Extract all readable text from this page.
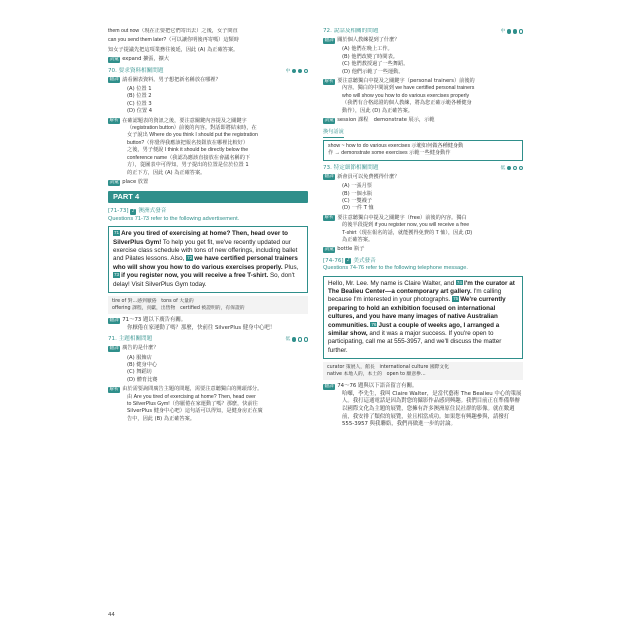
them out now（現在正要把它們寄出去）之後，女子問直
can you send them later?（可以讓你明後再寄嗎）這類時
知女子提議先把這項業務往後延，因此 (A) 為正確答案。
詞彙 expand 擴張，擴大
70. 要求資料相關問題	中
翻譯 請看圖表資料。男子想把新名稱放在哪裡？
(A) 位置 1
(B) 位置 2
(C) 位置 3
(D) 位置 4
解析 在確認題表的資訊之後，要注意關鍵內容提及之關鍵字
（registration button）前後的內容。對話即將結束時，在
女子說出 Where do you think I should put the registration
button?（你覺得我應該把報名按鈕放在哪裡比較好）
之後，男子便說 I think it should be directly below the
conference name（我認為應該直接放在會議名稱的下
方），從圖表中可得知，男子提出的位置是位於位置 1
的正下方，因此 (A) 為正確答案。
詞彙 place 放置
PART 4
[71-73] ♪ 澳洲式發音
Questions 71-73 refer to the following advertisement.
71 Are you tired of exercising at home? Then, head over to SilverPlus Gym! To help you get fit, we've recently updated our exercise class schedule with tons of new offerings, including ballet and Pilates lessons. Also, 72 we have certified personal trainers who will show you how to do various exercises properly. Plus, 73 if you register now, you will receive a free T-shirt. So, don't delay! Visit SilverPlus Gym today.
tire of 對…感到厭倦　tons of 大量的
offering 課程，貢獻，出售物　certified 被證明的，有保證的
翻譯 71～73 題以下廣告有關。
你厭倦在家運動了嗎？那麼，快前往 SilverPlus 健身中心吧！
71. 主題相關問題	低
翻譯 廣告的是什麼？
(A) 服飾店
(B) 健身中心
(C) 舞蹈坊
(D) 體育比賽
解析 由於需要詢問廣告主題的問題，需要注意聽獨白的開頭部分。
由 Are you tired of exercising at home? Then, head over
to SilverPlus Gym!（你厭倦在家運動了嗎？那麼，快前往
SilverPlus 健身中心吧）這句話可以得知，是健身房正在廣
告中，因此 (B) 為正確答案。
72. 說話及相關的問題	中
翻譯 關於個人教練提到了什麼？
(A) 他們在晚上工作。
(B) 他們改變了時間表。
(C) 他們教授過了一些舞蹈。
(D) 他們示範了一些運動。
解析 要注意聽獨白中提及之關鍵字（personal trainers）前後的
內容。獨白的中間說到 we have certified personal trainers
who will show you how to do various exercises properly
（我們有合格認證的個人教練，將為您正確示範各種健身
動作），因此 (D) 為正確答案。
詞彙 session 課程　demonstrate 展示，示範
換句話說
show ~ how to do various exercises 示範如何做各種健身動
作 → demonstrate some exercises 示範一些健身動作
73. 特定細節相關問題	低
翻譯 新會員可以免費獲得什麼？
(A) 一張月票
(B) 一個水瓶
(C) 一雙襪子
(D) 一件 T 恤
解析 要注意聽獨白中提及之關鍵字（free）前後的內容。獨白
的後半段提到 if you register now, you will receive a free
T-shirt（現在報名的話，就能獲得免費的 T 恤），因此 (D)
為正確答案。
詞彙 bottle 瓶子
[74-76] ♪ 美式發音
Questions 74-76 refer to the following telephone message.
Hello, Mr. Lee. My name is Claire Walter, and 74 I'm the curator at The Bealieu Center—a contemporary art gallery. I'm calling because I'm interested in your photographs. 75 We're currently preparing to hold an exhibition focused on international cultures, and you have many images of native Australian communities. 76 Just a couple of weeks ago, I arranged a similar show, and it was a major success. If you're open to participating, call me at 555-3957, and we'll discuss the matter further.
curator 策展人，館長　international culture 國際文化
native 本地人的，本土的　open to 願意參…
翻譯 74～76 題與以下語音留言有關。
哈囉，李先生，我叫 Claire Walter，是當代藝術 The Bealieu 中心的策展人。我打這通電話是因為對您的攝影作品感到興趣。我們目前正在準備舉辦以國際文化為主題的展覽，您擁有許多澳洲原住民社群的影像。就在數週前，我安排了類似的展覽，並且相當成功。如果您有興趣參與，請撥打 555-3957 與我聯絡，我們再做進一步的討論。
44
